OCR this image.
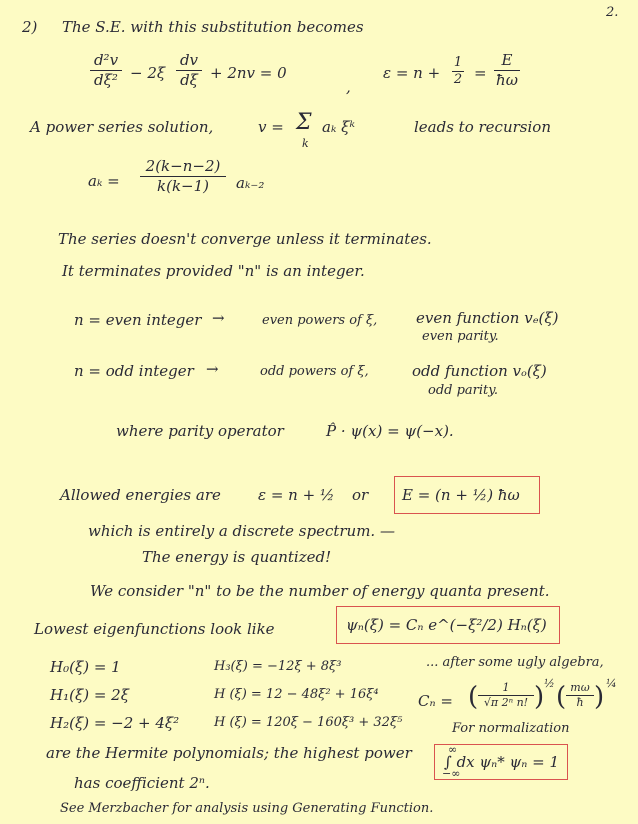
2.
2) The S.E. with this substitution becomes
d²v
dξ² − 2ξ
dv
dξ + 2nv = 0
,
ε = n +
1
2 =
E
ħω
A power series solution,	v = Σ
k
aₖ ξᵏ	leads to recursion
aₖ =
2(k−n−2)
k(k−1)	aₖ₋₂
The series doesn't converge unless it terminates.
It terminates provided "n" is an integer.
n = even integer →	even powers of ξ,	even function vₑ(ξ)
even parity.
n = odd integer →	odd powers of ξ,	odd function vₒ(ξ)
odd parity.
where parity operator	P̂ · ψ(x) = ψ(−x).
Allowed energies are ε = n + ½ or E = (n + ½) ħω
which is entirely a discrete spectrum. —
The energy is quantized!
We consider "n" to be the number of energy quanta present.
Lowest eigenfunctions look like	ψₙ(ξ) = Cₙ e^(−ξ²/2) Hₙ(ξ)
H₀(ξ) = 1
H₁(ξ) = 2ξ
H₂(ξ) = −2 + 4ξ²
H₃(ξ) = −12ξ + 8ξ³
H (ξ) = 12 − 48ξ² + 16ξ⁴
H (ξ) = 120ξ − 160ξ³ + 32ξ⁵
... after some ugly algebra,
Cₙ = (	1
√π 2ⁿ n! ) ½ ( mω
ħ ) ¼
For normalization
∞
−∞
∫ dx ψₙ* ψₙ = 1
are the Hermite polynomials; the highest power
has coefficient 2ⁿ.
See Merzbacher for analysis using Generating Function.
